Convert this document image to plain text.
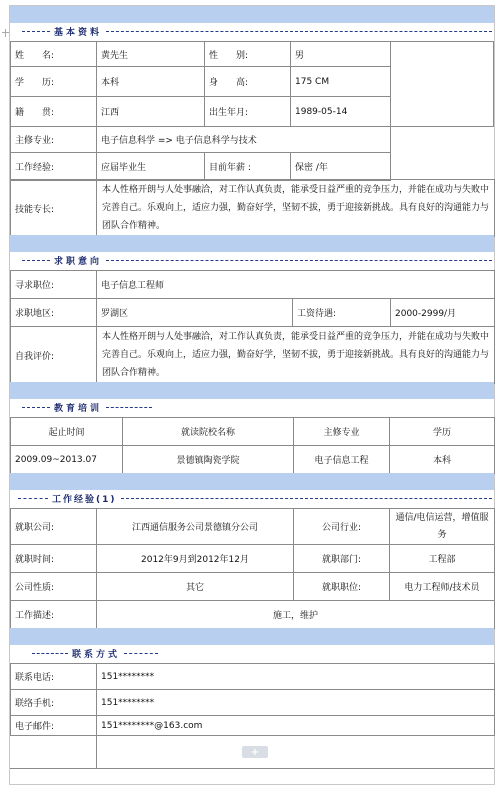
基本资料
姓　　名:	黄先生	性　　别:	男
学　　历:	本科	身　　高:	175 CM
籍　　贯:	江西	出生年月:	1989-05-14
主修专业:	电子信息科学 => 电子信息科学与技术		
工作经验:	应届毕业生	目前年薪 :	保密 /年
技能专长:	本人性格开朗与人处事融洽，对工作认真负责，能承受日益严重的竞争压力，并能在成功与失败中完善自己。乐观向上，适应力强，勤奋好学，坚韧不拔，勇于迎接新挑战。具有良好的沟通能力与团队合作精神。
求职意向
寻求职位:	电子信息工程师		
求职地区:	罗湖区	工资待遇:	2000-2999/月
自我评价:	本人性格开朗与人处事融洽，对工作认真负责，能承受日益严重的竞争压力，并能在成功与失败中完善自己。乐观向上，适应力强，勤奋好学，坚韧不拔，勇于迎接新挑战。具有良好的沟通能力与团队合作精神。		
教育培训
起止时间	就读院校名称	主修专业	学历
2009.09~2013.07	景德镇陶瓷学院	电子信息工程	本科
工作经验(1)
就职公司:	江西通信服务公司景德镇分公司	公司行业:	通信/电信运营，增值服务
就职时间:	2012年9月到2012年12月	就职部门:	工程部
公司性质:	其它	就职职位:	电力工程师/技术员
工作描述:	施工，维护		
联系方式
联系电话:	151********
联络手机:	151********
电子邮件:	151********@163.com
+
